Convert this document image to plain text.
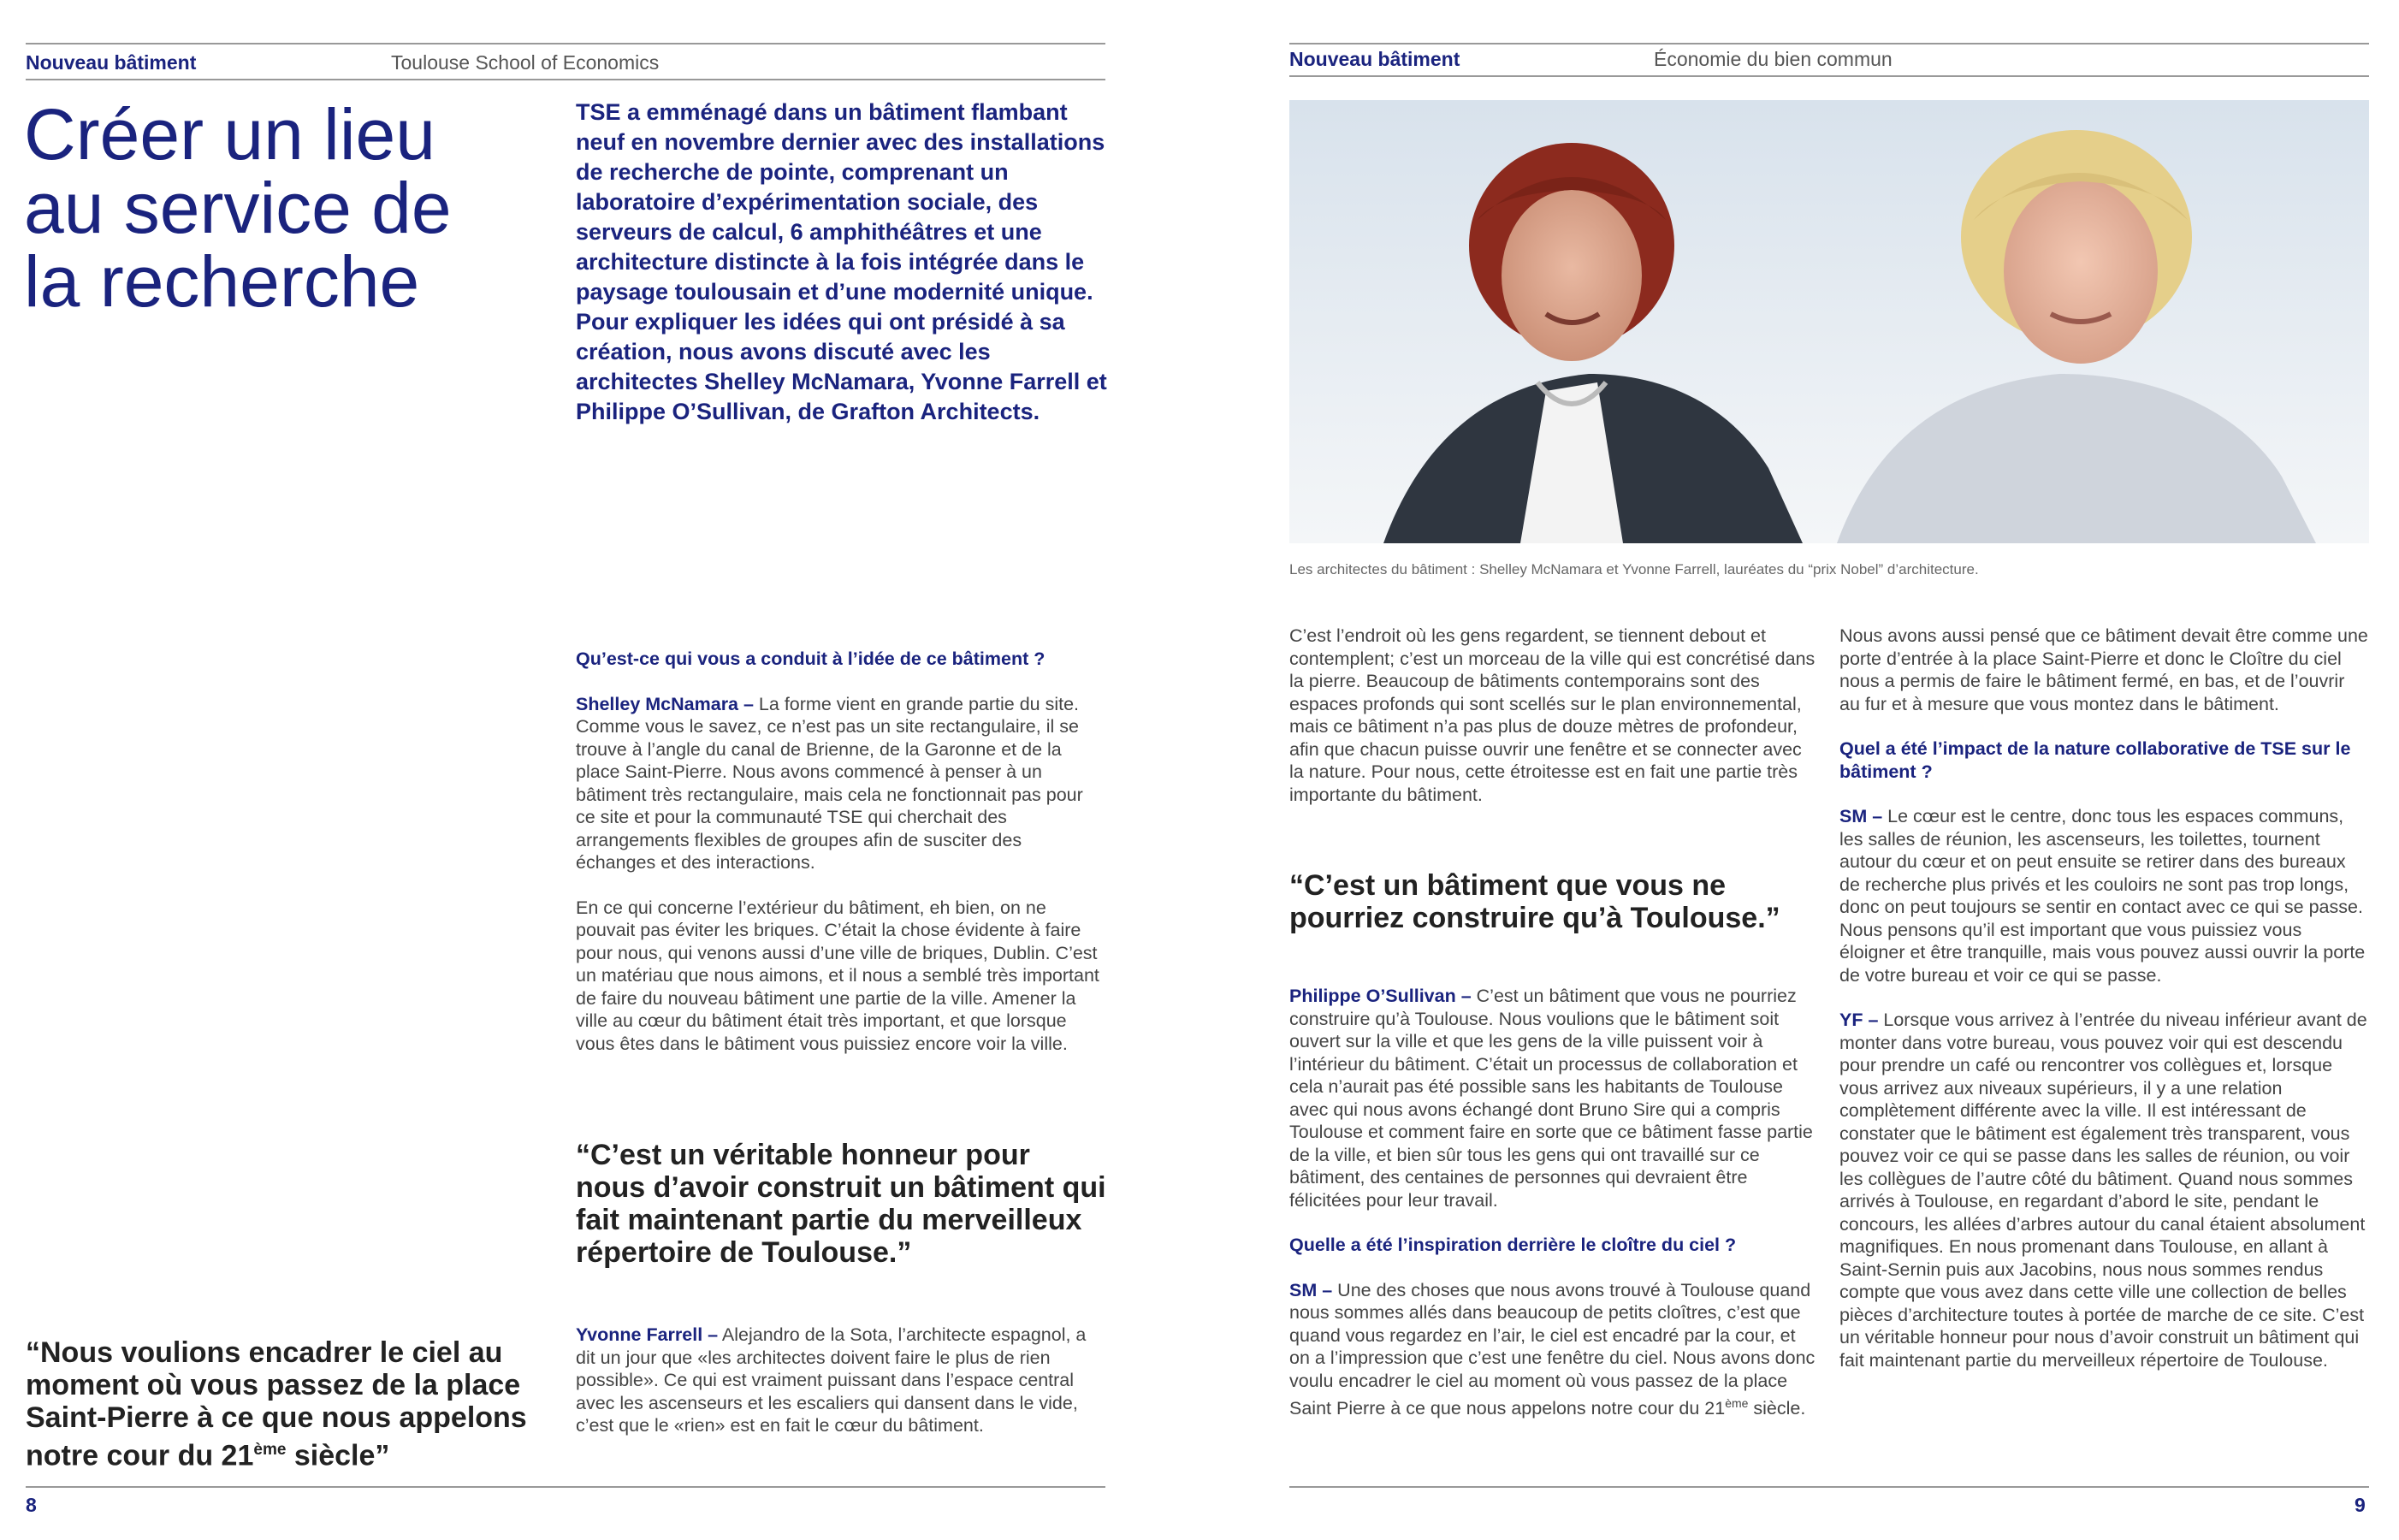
Nouveau bâtiment	Toulouse School of Economics
Créer un lieu
au service de
la recherche
TSE a emménagé dans un bâtiment flambant neuf en novembre dernier avec des installations de recherche de pointe, comprenant un laboratoire d’expérimentation sociale, des serveurs de calcul, 6 amphithéâtres et une architecture distincte à la fois intégrée dans le paysage toulousain et d’une modernité unique. Pour expliquer les idées qui ont présidé à sa création, nous avons discuté avec les architectes Shelley McNamara, Yvonne Farrell et Philippe O’Sullivan, de Grafton Architects.

Qu’est-ce qui vous a conduit à l’idée de ce bâtiment ?

Shelley McNamara – La forme vient en grande partie du site. Comme vous le savez, ce n’est pas un site rectangulaire, il se trouve à l’angle du canal de Brienne, de la Garonne et de la place Saint-Pierre. Nous avons commencé à penser à un bâtiment très rectangulaire, mais cela ne fonctionnait pas pour ce site et pour la communauté TSE qui cherchait des arrangements flexibles de groupes afin de susciter des échanges et des interactions.

En ce qui concerne l’extérieur du bâtiment, eh bien, on ne pouvait pas éviter les briques. C’était la chose évidente à faire pour nous, qui venons aussi d’une ville de briques, Dublin. C’est un matériau que nous aimons, et il nous a semblé très important de faire du nouveau bâtiment une partie de la ville. Amener la ville au cœur du bâtiment était très important, et que lorsque vous êtes dans le bâtiment vous puissiez encore voir la ville.

“C’est un véritable honneur pour nous d’avoir construit un bâtiment qui fait maintenant partie du merveilleux répertoire de Toulouse.”
Yvonne Farrell – Alejandro de la Sota, l’architecte espagnol, a dit un jour que «les architectes doivent faire le plus de rien possible». Ce qui est vraiment puissant dans l’espace central avec les ascenseurs et les escaliers qui dansent dans le vide, c’est que le «rien» est en fait le cœur du bâtiment.
“Nous voulions encadrer le ciel au moment où vous passez de la place Saint-Pierre à ce que nous appelons notre cour du 21ème siècle”
8
Nouveau bâtiment	Économie du bien commun
Les architectes du bâtiment : Shelley McNamara et Yvonne Farrell, lauréates du “prix Nobel” d’architecture.
C’est l’endroit où les gens regardent, se tiennent debout et contemplent; c’est un morceau de la ville qui est concrétisé dans la pierre. Beaucoup de bâtiments contemporains sont des espaces profonds qui sont scellés sur le plan environnemental, mais ce bâtiment n’a pas plus de douze mètres de profondeur, afin que chacun puisse ouvrir une fenêtre et se connecter avec la nature. Pour nous, cette étroitesse est en fait une partie très importante du bâtiment.
“C’est un bâtiment que vous ne pourriez construire qu’à Toulouse.”

Philippe O’Sullivan – C’est un bâtiment que vous ne pourriez construire qu’à Toulouse. Nous voulions que le bâtiment soit ouvert sur la ville et que les gens de la ville puissent voir à l’intérieur du bâtiment. C’était un processus de collaboration et cela n’aurait pas été possible sans les habitants de Toulouse avec qui nous avons échangé dont Bruno Sire qui a compris Toulouse et comment faire en sorte que ce bâtiment fasse partie de la ville, et bien sûr tous les gens qui ont travaillé sur ce bâtiment, des centaines de personnes qui devraient être félicitées pour leur travail.

Quelle a été l’inspiration derrière le cloître du ciel ?

SM – Une des choses que nous avons trouvé à Toulouse quand nous sommes allés dans beaucoup de petits cloîtres, c’est que quand vous regardez en l’air, le ciel est encadré par la cour, et on a l’impression que c’est une fenêtre du ciel. Nous avons donc voulu encadrer le ciel au moment où vous passez de la place Saint Pierre à ce que nous appelons notre cour du 21ème siècle.

Nous avons aussi pensé que ce bâtiment devait être comme une porte d’entrée à la place Saint-Pierre et donc le Cloître du ciel nous a permis de faire le bâtiment fermé, en bas, et de l’ouvrir au fur et à mesure que vous montez dans le bâtiment.

Quel a été l’impact de la nature collaborative de TSE sur le bâtiment ?

SM – Le cœur est le centre, donc tous les espaces communs, les salles de réunion, les ascenseurs, les toilettes, tournent autour du cœur et on peut ensuite se retirer dans des bureaux de recherche plus privés et les couloirs ne sont pas trop longs, donc on peut toujours se sentir en contact avec ce qui se passe. Nous pensons qu’il est important que vous puissiez vous éloigner et être tranquille, mais vous pouvez aussi ouvrir la porte de votre bureau et voir ce qui se passe.

YF – Lorsque vous arrivez à l’entrée du niveau inférieur avant de monter dans votre bureau, vous pouvez voir qui est descendu pour prendre un café ou rencontrer vos collègues et, lorsque vous arrivez aux niveaux supérieurs, il y a une relation complètement différente avec la ville. Il est intéressant de constater que le bâtiment est également très transparent, vous pouvez voir ce qui se passe dans les salles de réunion, ou voir les collègues de l’autre côté du bâtiment. Quand nous sommes arrivés à Toulouse, en regardant d’abord le site, pendant le concours, les allées d’arbres autour du canal étaient absolument magnifiques. En nous promenant dans Toulouse, en allant à Saint-Sernin puis aux Jacobins, nous nous sommes rendus compte que vous avez dans cette ville une collection de belles pièces d’architecture toutes à portée de marche de ce site. C’est un véritable honneur pour nous d’avoir construit un bâtiment qui fait maintenant partie du merveilleux répertoire de Toulouse.

9
